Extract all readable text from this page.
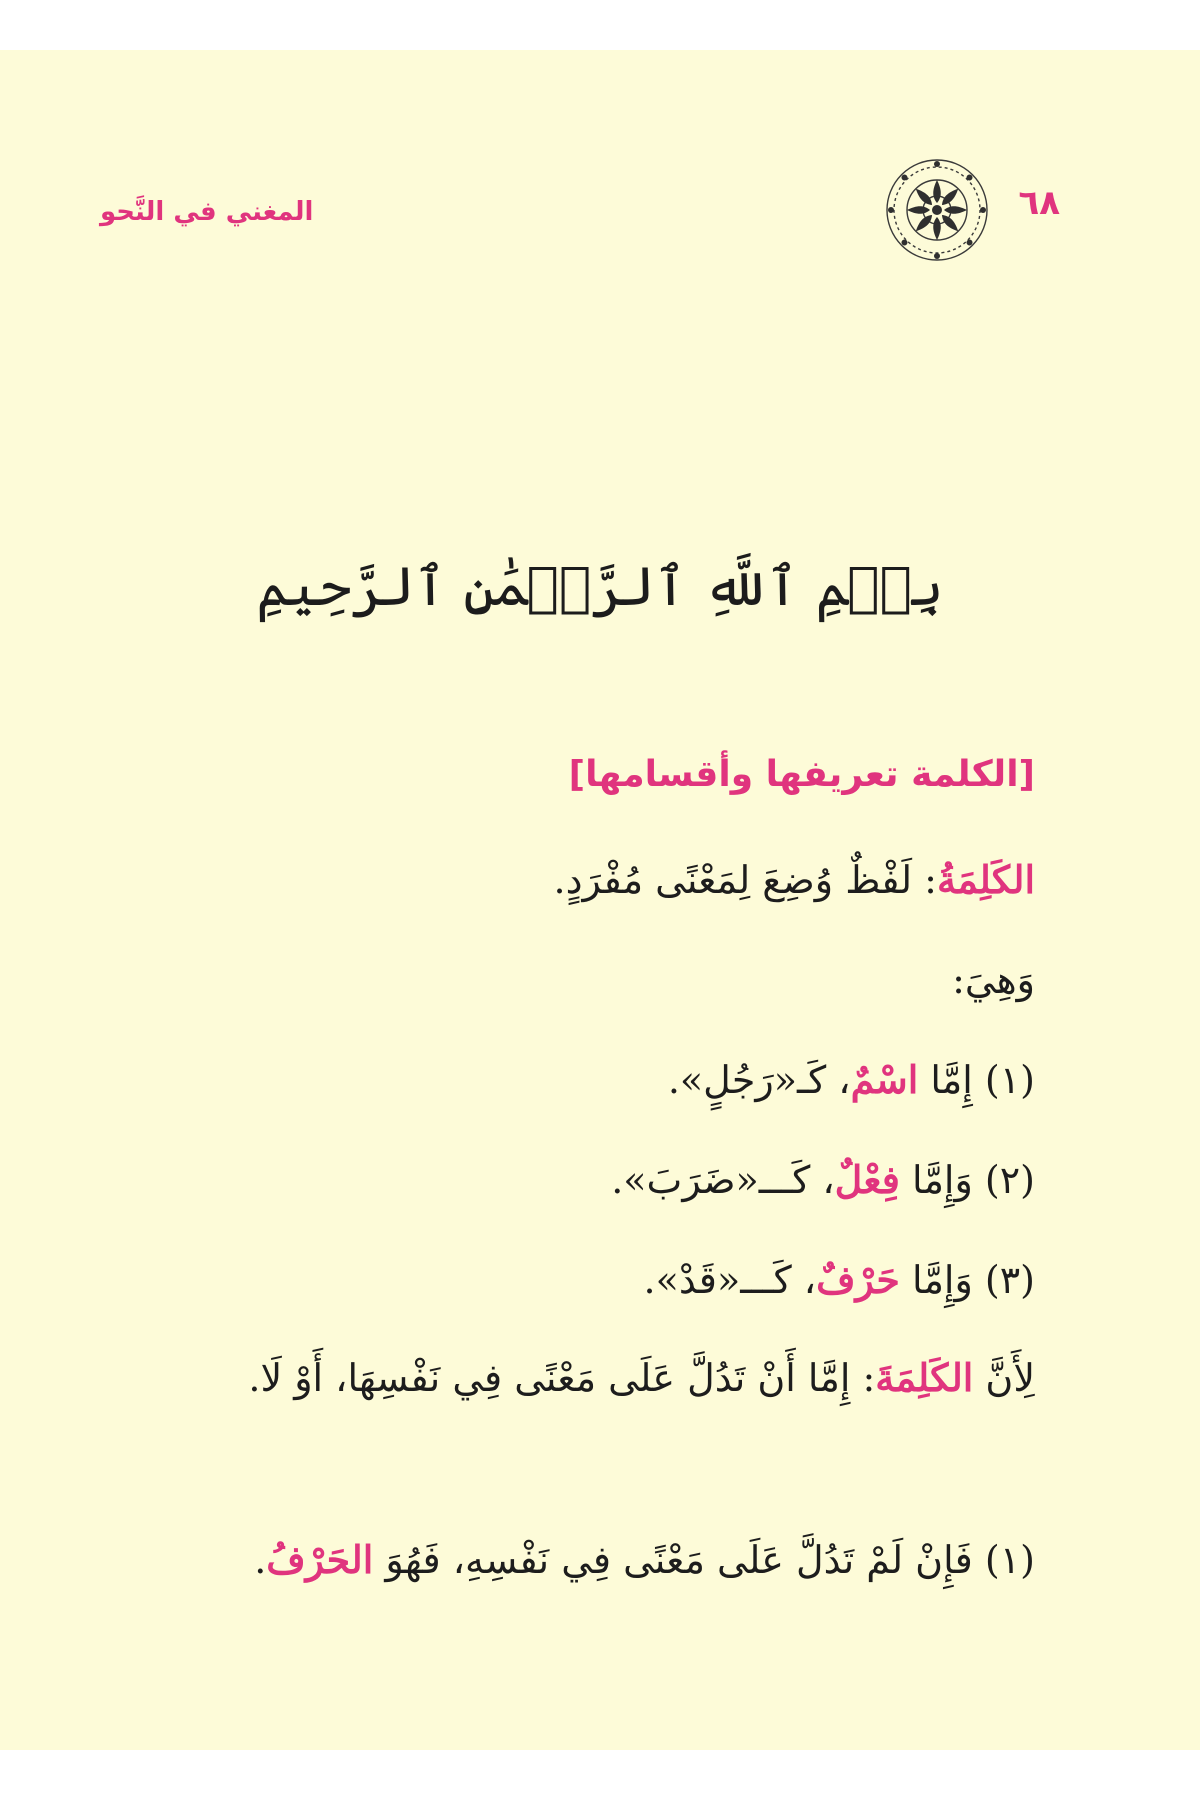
٦٨
المغني في النَّحو
بِسۡمِ ٱللَّهِ ٱلرَّحۡمَٰنِ ٱلرَّحِيمِ
[الكلمة تعريفها وأقسامها]
الكَلِمَةُ: لَفْظٌ وُضِعَ لِمَعْنًى مُفْرَدٍ.
وَهِيَ:
(١) إِمَّا اسْمٌ، كَـ«رَجُلٍ».
(٢) وَإِمَّا فِعْلٌ، كَـــ«ضَرَبَ».
(٣) وَإِمَّا حَرْفٌ، كَـــ«قَدْ».
لِأَنَّ الكَلِمَةَ: إِمَّا أَنْ تَدُلَّ عَلَى مَعْنًى فِي نَفْسِهَا، أَوْ لَا.
(١) فَإِنْ لَمْ تَدُلَّ عَلَى مَعْنًى فِي نَفْسِهِ، فَهُوَ الحَرْفُ.
